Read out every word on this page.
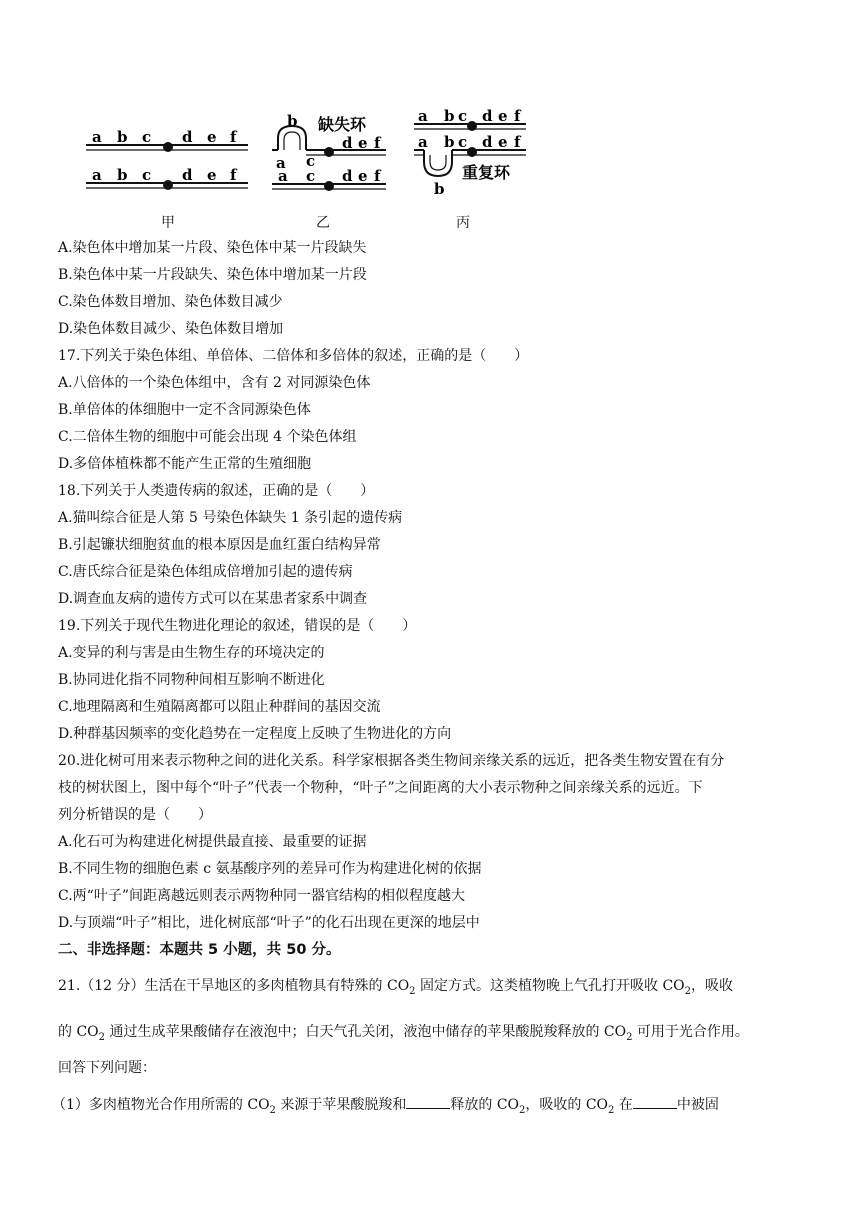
a b c d e f
a b c d e f
b 缺失环
d e f
a c
a c d e f
a b c d e f
a b c d e f
b
重复环
甲	乙	丙
A.染色体中增加某一片段、染色体中某一片段缺失
B.染色体中某一片段缺失、染色体中增加某一片段
C.染色体数目增加、染色体数目减少
D.染色体数目减少、染色体数目增加
17.下列关于染色体组、单倍体、二倍体和多倍体的叙述，正确的是（　　）
A.八倍体的一个染色体组中，含有 2 对同源染色体
B.单倍体的体细胞中一定不含同源染色体
C.二倍体生物的细胞中可能会出现 4 个染色体组
D.多倍体植株都不能产生正常的生殖细胞
18.下列关于人类遗传病的叙述，正确的是（　　）
A.猫叫综合征是人第 5 号染色体缺失 1 条引起的遗传病
B.引起镰状细胞贫血的根本原因是血红蛋白结构异常
C.唐氏综合征是染色体组成倍增加引起的遗传病
D.调查血友病的遗传方式可以在某患者家系中调查
19.下列关于现代生物进化理论的叙述，错误的是（　　）
A.变异的利与害是由生物生存的环境决定的
B.协同进化指不同物种间相互影响不断进化
C.地理隔离和生殖隔离都可以阻止种群间的基因交流
D.种群基因频率的变化趋势在一定程度上反映了生物进化的方向
20.进化树可用来表示物种之间的进化关系。科学家根据各类生物间亲缘关系的远近，把各类生物安置在有分
枝的树状图上，图中每个“叶子”代表一个物种，“叶子”之间距离的大小表示物种之间亲缘关系的远近。下
列分析错误的是（　　）
A.化石可为构建进化树提供最直接、最重要的证据
B.不同生物的细胞色素 c 氨基酸序列的差异可作为构建进化树的依据
C.两“叶子”间距离越远则表示两物种同一器官结构的相似程度越大
D.与顶端“叶子”相比，进化树底部“叶子”的化石出现在更深的地层中
二、非选择题：本题共 5 小题，共 50 分。
21.（12 分）生活在干旱地区的多肉植物具有特殊的 $CO_2$ 固定方式。这类植物晚上气孔打开吸收 $CO_2$，吸收
的 $CO_2$ 通过生成苹果酸储存在液泡中；白天气孔关闭，液泡中储存的苹果酸脱羧释放的 $CO_2$ 可用于光合作用。
回答下列问题：
（1）多肉植物光合作用所需的 $CO_2$ 来源于苹果酸脱羧和	释放的 $CO_2$，吸收的 $CO_2$ 在	中被固
